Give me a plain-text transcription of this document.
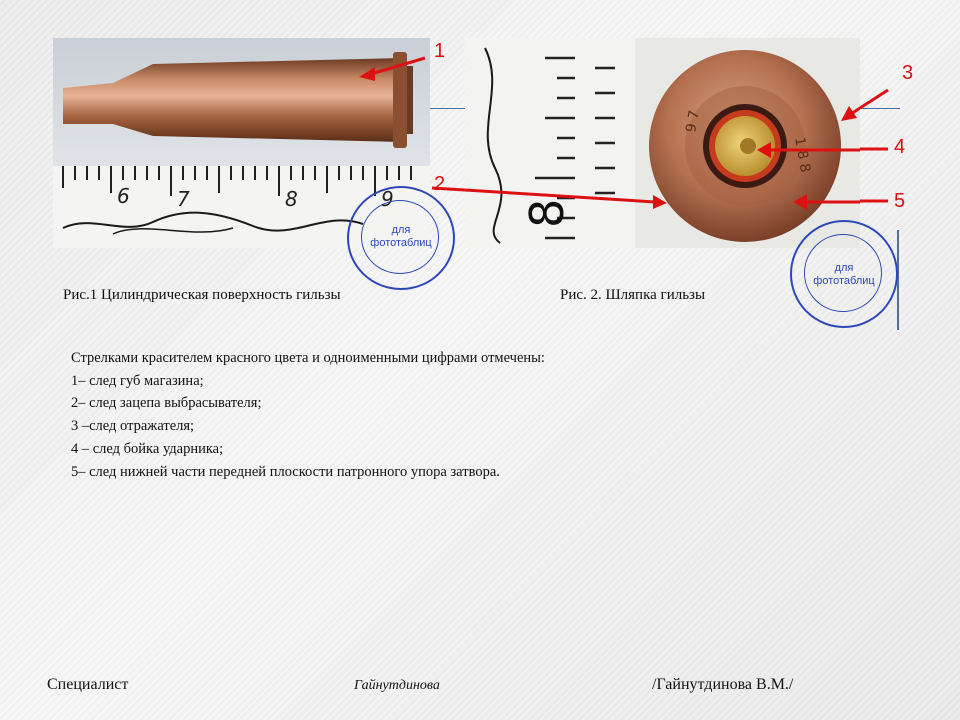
6 7	8	9	8
9 7
1 8 8
1
2
3
4
5
для
фототаблиц
для
фототаблиц
Рис.1 Цилиндрическая поверхность гильзы	Рис. 2. Шляпка гильзы
Стрелками красителем красного цвета и одноименными цифрами отмечены:
1– след губ магазина;
2– след зацепа выбрасывателя;
3 –след отражателя;
4 – след бойка ударника;
5– след нижней части передней плоскости патронного упора затвора.
Специалист	Гайнутдинова	/Гайнутдинова В.М./
